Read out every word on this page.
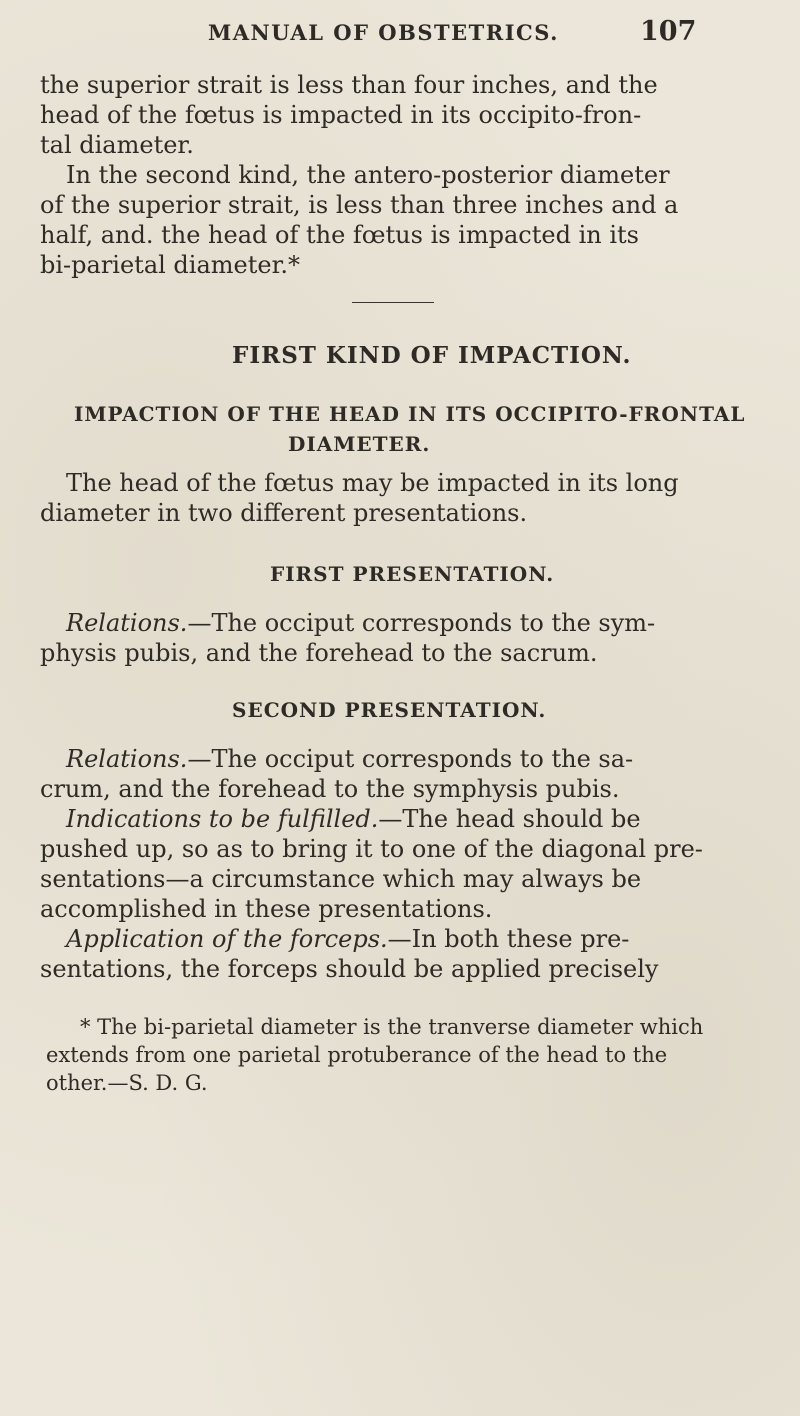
MANUAL OF OBSTETRICS.	107
the superior strait is less than four inches, and the
head of the fœtus is impacted in its occipito-fron-
tal diameter.
In the second kind, the antero-posterior diameter
of the superior strait, is less than three inches and a
half, and. the head of the fœtus is impacted in its
bi-parietal diameter.*
FIRST KIND OF IMPACTION.
IMPACTION OF THE HEAD IN ITS OCCIPITO-FRONTAL
DIAMETER.
The head of the fœtus may be impacted in its long
diameter in two different presentations.
FIRST PRESENTATION.
Relations.—The occiput corresponds to the sym-
physis pubis, and the forehead to the sacrum.
SECOND PRESENTATION.
Relations.—The occiput corresponds to the sa-
crum, and the forehead to the symphysis pubis.
Indications to be fulfilled.—The head should be
pushed up, so as to bring it to one of the diagonal pre-
sentations—a circumstance which may always be
accomplished in these presentations.
Application of the forceps.—In both these pre-
sentations, the forceps should be applied precisely
* The bi-parietal diameter is the tranverse diameter which
extends from one parietal protuberance of the head to the
other.—S. D. G.
